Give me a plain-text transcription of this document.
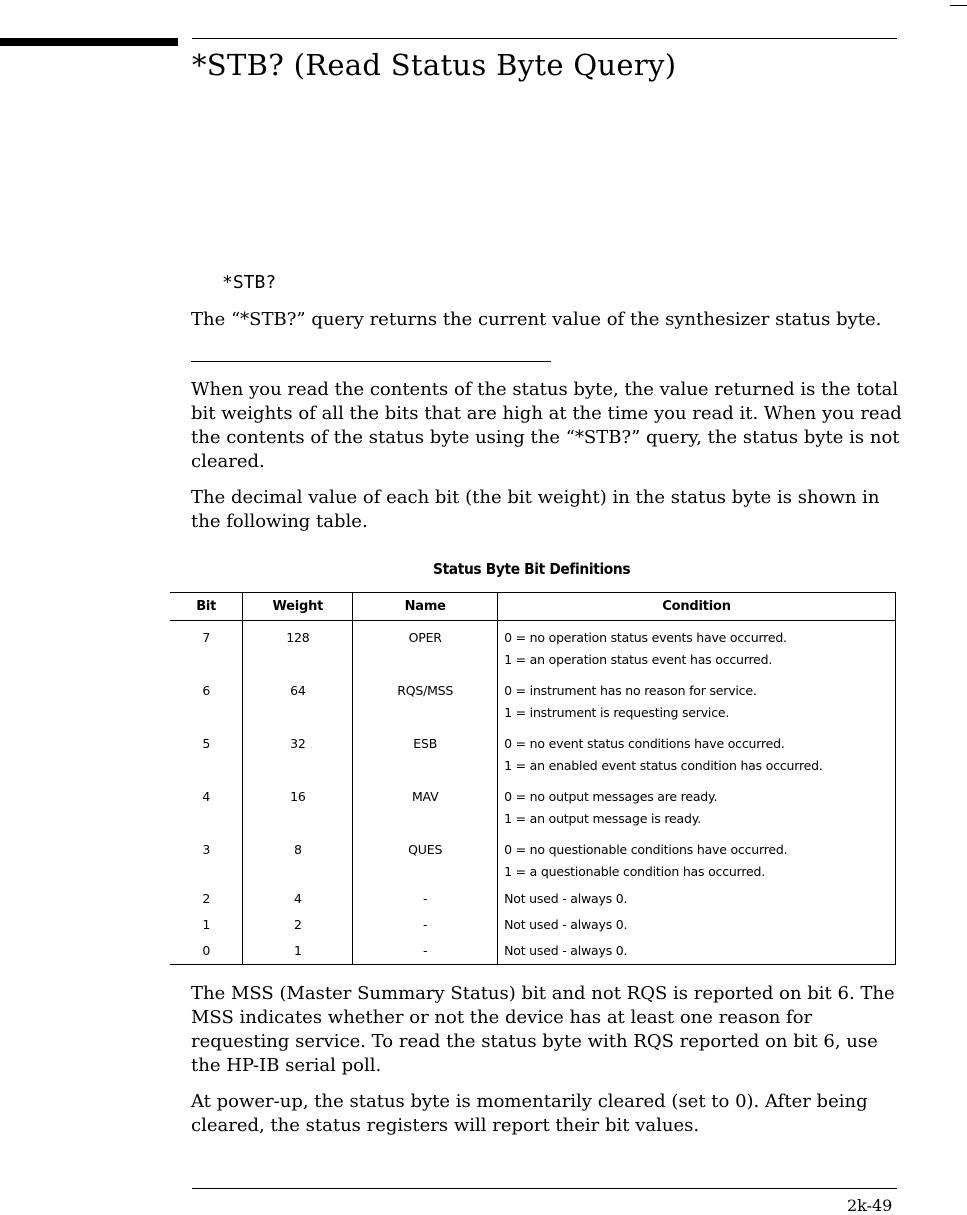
*STB? (Read Status Byte Query)
*STB?

The “*STB?” query returns the current value of the synthesizer status byte.

When you read the contents of the status byte, the value returned is the total bit weights of all the bits that are high at the time you read it. When you read the contents of the status byte using the “*STB?” query, the status byte is not cleared.

The decimal value of each bit (the bit weight) in the status byte is shown in the following table.

Status Byte Bit Definitions
Bit	Weight	Name	Condition
7	128	OPER	0 = no operation status events have occurred.
1 = an operation status event has occurred.

6	64	RQS/MSS	0 = instrument has no reason for service.
1 = instrument is requesting service.

5	32	ESB	0 = no event status conditions have occurred.
1 = an enabled event status condition has occurred.

4	16	MAV	0 = no output messages are ready.
1 = an output message is ready.

3	8	QUES	0 = no questionable conditions have occurred.
1 = a questionable condition has occurred.

2	4	-	Not used - always 0.

1	2	-	Not used - always 0.

0	1	-	Not used - always 0.

The MSS (Master Summary Status) bit and not RQS is reported on bit 6. The MSS indicates whether or not the device has at least one reason for requesting service. To read the status byte with RQS reported on bit 6, use the HP-IB serial poll.

At power-up, the status byte is momentarily cleared (set to 0). After being cleared, the status registers will report their bit values.

2k-49
